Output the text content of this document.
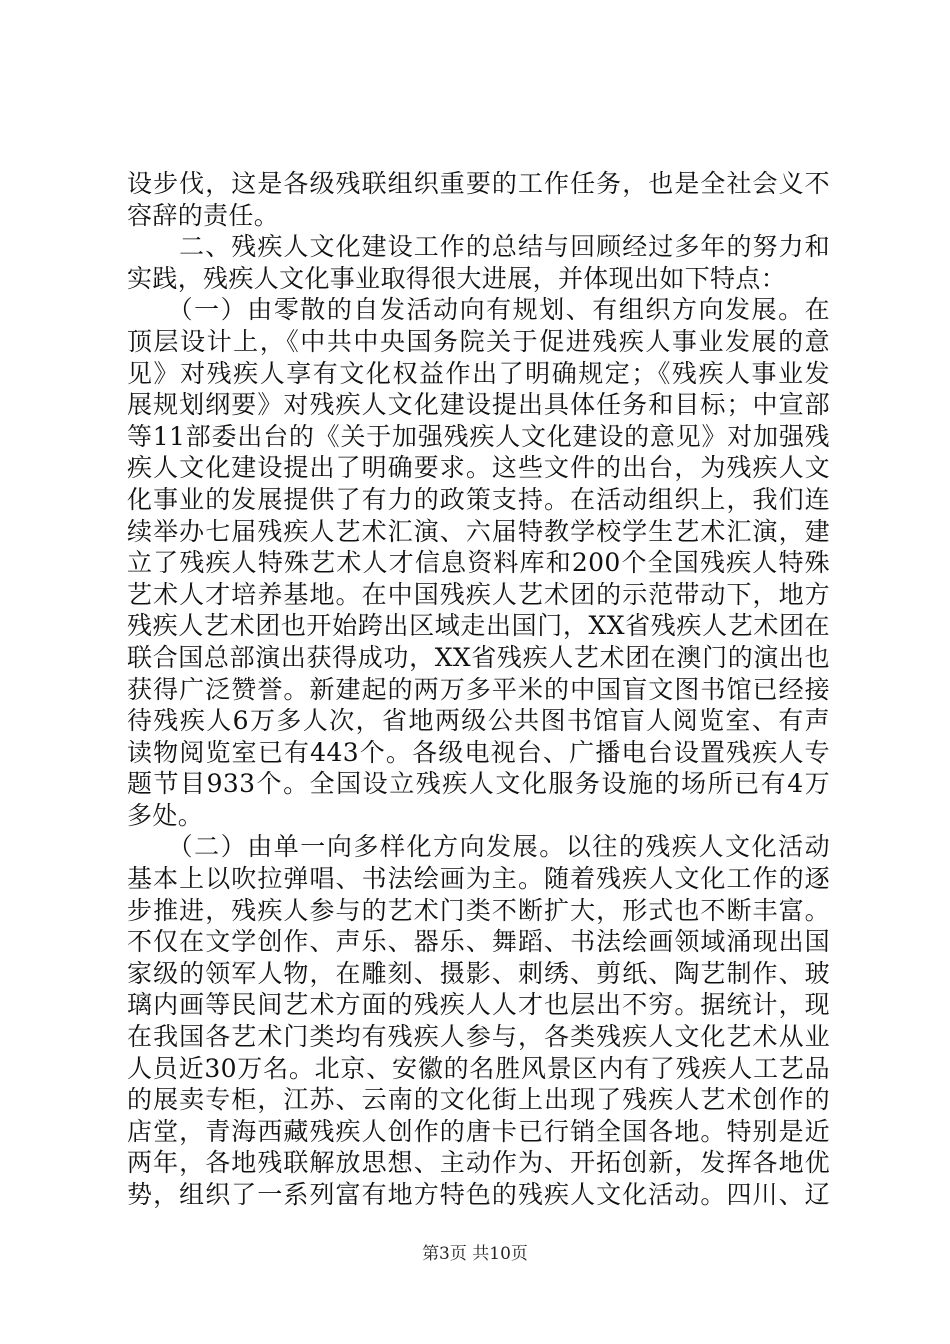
设步伐，这是各级残联组织重要的工作任务，也是全社会义不
容辞的责任。
　　二、残疾人文化建设工作的总结与回顾经过多年的努力和
实践，残疾人文化事业取得很大进展，并体现出如下特点：
　　（一）由零散的自发活动向有规划、有组织方向发展。在
顶层设计上，《中共中央国务院关于促进残疾人事业发展的意
见》对残疾人享有文化权益作出了明确规定；《残疾人事业发
展规划纲要》对残疾人文化建设提出具体任务和目标；中宣部
等11部委出台的《关于加强残疾人文化建设的意见》对加强残
疾人文化建设提出了明确要求。这些文件的出台，为残疾人文
化事业的发展提供了有力的政策支持。在活动组织上，我们连
续举办七届残疾人艺术汇演、六届特教学校学生艺术汇演，建
立了残疾人特殊艺术人才信息资料库和200个全国残疾人特殊
艺术人才培养基地。在中国残疾人艺术团的示范带动下，地方
残疾人艺术团也开始跨出区域走出国门，XX省残疾人艺术团在
联合国总部演出获得成功，XX省残疾人艺术团在澳门的演出也
获得广泛赞誉。新建起的两万多平米的中国盲文图书馆已经接
待残疾人6万多人次，省地两级公共图书馆盲人阅览室、有声
读物阅览室已有443个。各级电视台、广播电台设置残疾人专
题节目933个。全国设立残疾人文化服务设施的场所已有4万
多处。
　　（二）由单一向多样化方向发展。以往的残疾人文化活动
基本上以吹拉弹唱、书法绘画为主。随着残疾人文化工作的逐
步推进，残疾人参与的艺术门类不断扩大，形式也不断丰富。
不仅在文学创作、声乐、器乐、舞蹈、书法绘画领域涌现出国
家级的领军人物，在雕刻、摄影、刺绣、剪纸、陶艺制作、玻
璃内画等民间艺术方面的残疾人人才也层出不穷。据统计，现
在我国各艺术门类均有残疾人参与，各类残疾人文化艺术从业
人员近30万名。北京、安徽的名胜风景区内有了残疾人工艺品
的展卖专柜，江苏、云南的文化街上出现了残疾人艺术创作的
店堂，青海西藏残疾人创作的唐卡已行销全国各地。特别是近
两年，各地残联解放思想、主动作为、开拓创新，发挥各地优
势，组织了一系列富有地方特色的残疾人文化活动。四川、辽
第3页 共10页
